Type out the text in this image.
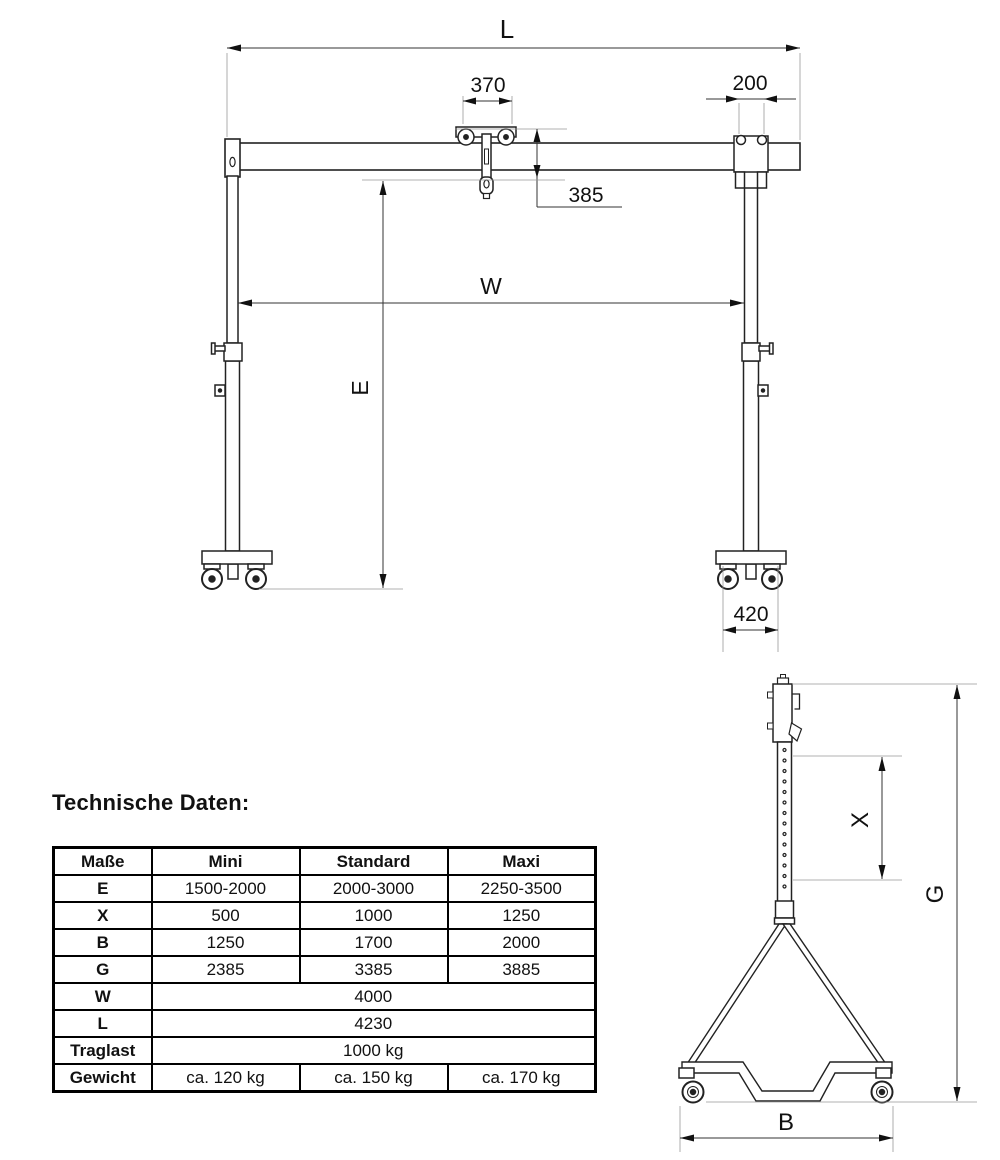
L
370	200
385
W
E
420
X
G
B
Technische Daten:
Maße	Mini	Standard	Maxi
E	1500-2000	2000-3000	2250-3500
X	500	1000	1250
B	1250	1700	2000
G	2385	3385	3885
W	4000		
L	4230		
Traglast	1000 kg		
Gewicht	ca. 120 kg	ca. 150 kg	ca. 170 kg
